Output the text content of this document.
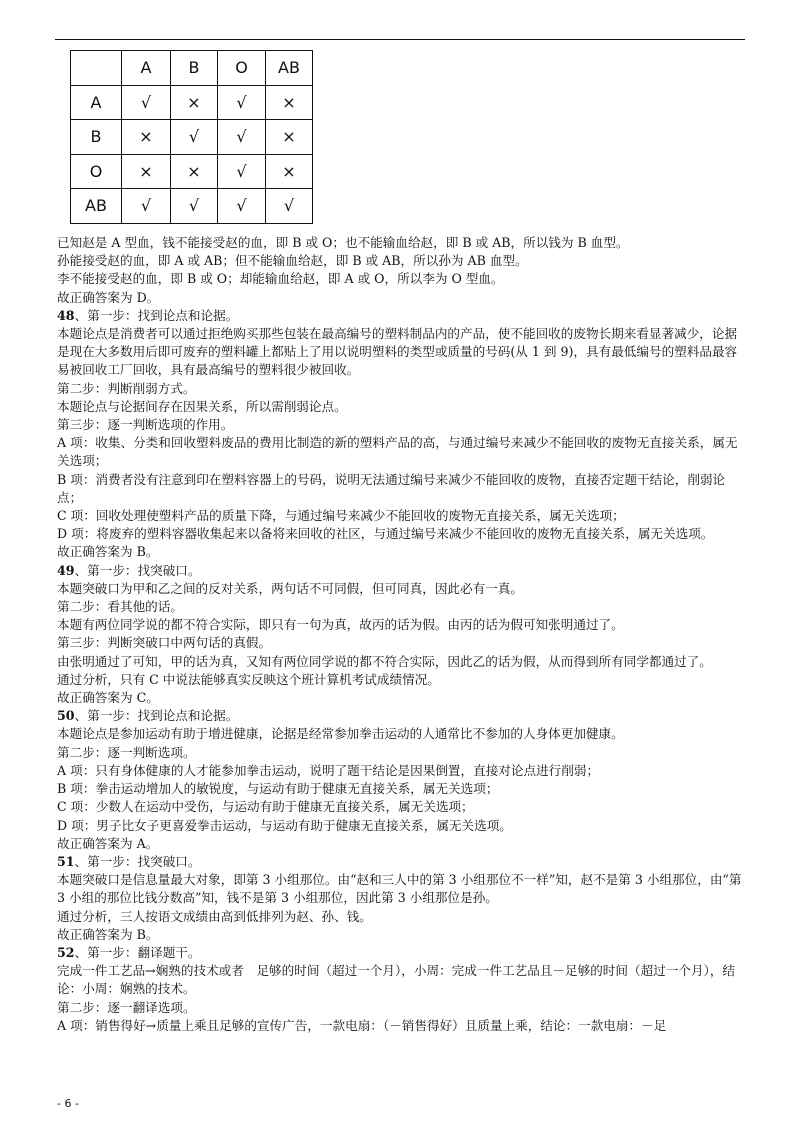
	A	B	O	AB
A	√	×	√	×
B	×	√	√	×
O	×	×	√	×
AB	√	√	√	√

已知赵是 A 型血，钱不能接受赵的血，即 B 或 O；也不能输血给赵，即 B 或 AB，所以钱为 B 血型。

孙能接受赵的血，即 A 或 AB；但不能输血给赵，即 B 或 AB，所以孙为 AB 血型。

李不能接受赵的血，即 B 或 O；却能输血给赵，即 A 或 O，所以李为 O 型血。

故正确答案为 D。

48、第一步：找到论点和论据。

本题论点是消费者可以通过拒绝购买那些包装在最高编号的塑料制品内的产品，使不能回收的废物长期来看显著减少，论据是现在大多数用后即可废弃的塑料罐上都贴上了用以说明塑料的类型或质量的号码(从 1 到 9)，具有最低编号的塑料品最容易被回收工厂回收，具有最高编号的塑料很少被回收。

第二步：判断削弱方式。

本题论点与论据间存在因果关系，所以需削弱论点。

第三步：逐一判断选项的作用。

A 项：收集、分类和回收塑料废品的费用比制造的新的塑料产品的高，与通过编号来减少不能回收的废物无直接关系，属无关选项；

B 项：消费者没有注意到印在塑料容器上的号码，说明无法通过编号来减少不能回收的废物，直接否定题干结论，削弱论点；

C 项：回收处理使塑料产品的质量下降，与通过编号来减少不能回收的废物无直接关系，属无关选项；

D 项：将废弃的塑料容器收集起来以备将来回收的社区，与通过编号来减少不能回收的废物无直接关系，属无关选项。

故正确答案为 B。

49、第一步：找突破口。

本题突破口为甲和乙之间的反对关系，两句话不可同假，但可同真，因此必有一真。

第二步：看其他的话。

本题有两位同学说的都不符合实际，即只有一句为真，故丙的话为假。由丙的话为假可知张明通过了。

第三步：判断突破口中两句话的真假。

由张明通过了可知，甲的话为真，又知有两位同学说的都不符合实际，因此乙的话为假，从而得到所有同学都通过了。

通过分析，只有 C 中说法能够真实反映这个班计算机考试成绩情况。

故正确答案为 C。

50、第一步：找到论点和论据。

本题论点是参加运动有助于增进健康，论据是经常参加拳击运动的人通常比不参加的人身体更加健康。

第二步：逐一判断选项。

A 项：只有身体健康的人才能参加拳击运动，说明了题干结论是因果倒置，直接对论点进行削弱；

B 项：拳击运动增加人的敏锐度，与运动有助于健康无直接关系，属无关选项；

C 项：少数人在运动中受伤，与运动有助于健康无直接关系，属无关选项；

D 项：男子比女子更喜爱拳击运动，与运动有助于健康无直接关系，属无关选项。

故正确答案为 A。

51、第一步：找突破口。

本题突破口是信息量最大对象，即第 3 小组那位。由“赵和三人中的第 3 小组那位不一样”知，赵不是第 3 小组那位，由“第 3 小组的那位比钱分数高”知，钱不是第 3 小组那位，因此第 3 小组那位是孙。

通过分析，三人按语文成绩由高到低排列为赵、孙、钱。

故正确答案为 B。

52、第一步：翻译题干。

完成一件工艺品→娴熟的技术或者　足够的时间（超过一个月），小周：完成一件工艺品且－足够的时间（超过一个月），结论：小周：娴熟的技术。

第二步：逐一翻译选项。

A 项：销售得好→质量上乘且足够的宣传广告，一款电扇：（－销售得好）且质量上乘，结论：一款电扇：－足

- 6 -
